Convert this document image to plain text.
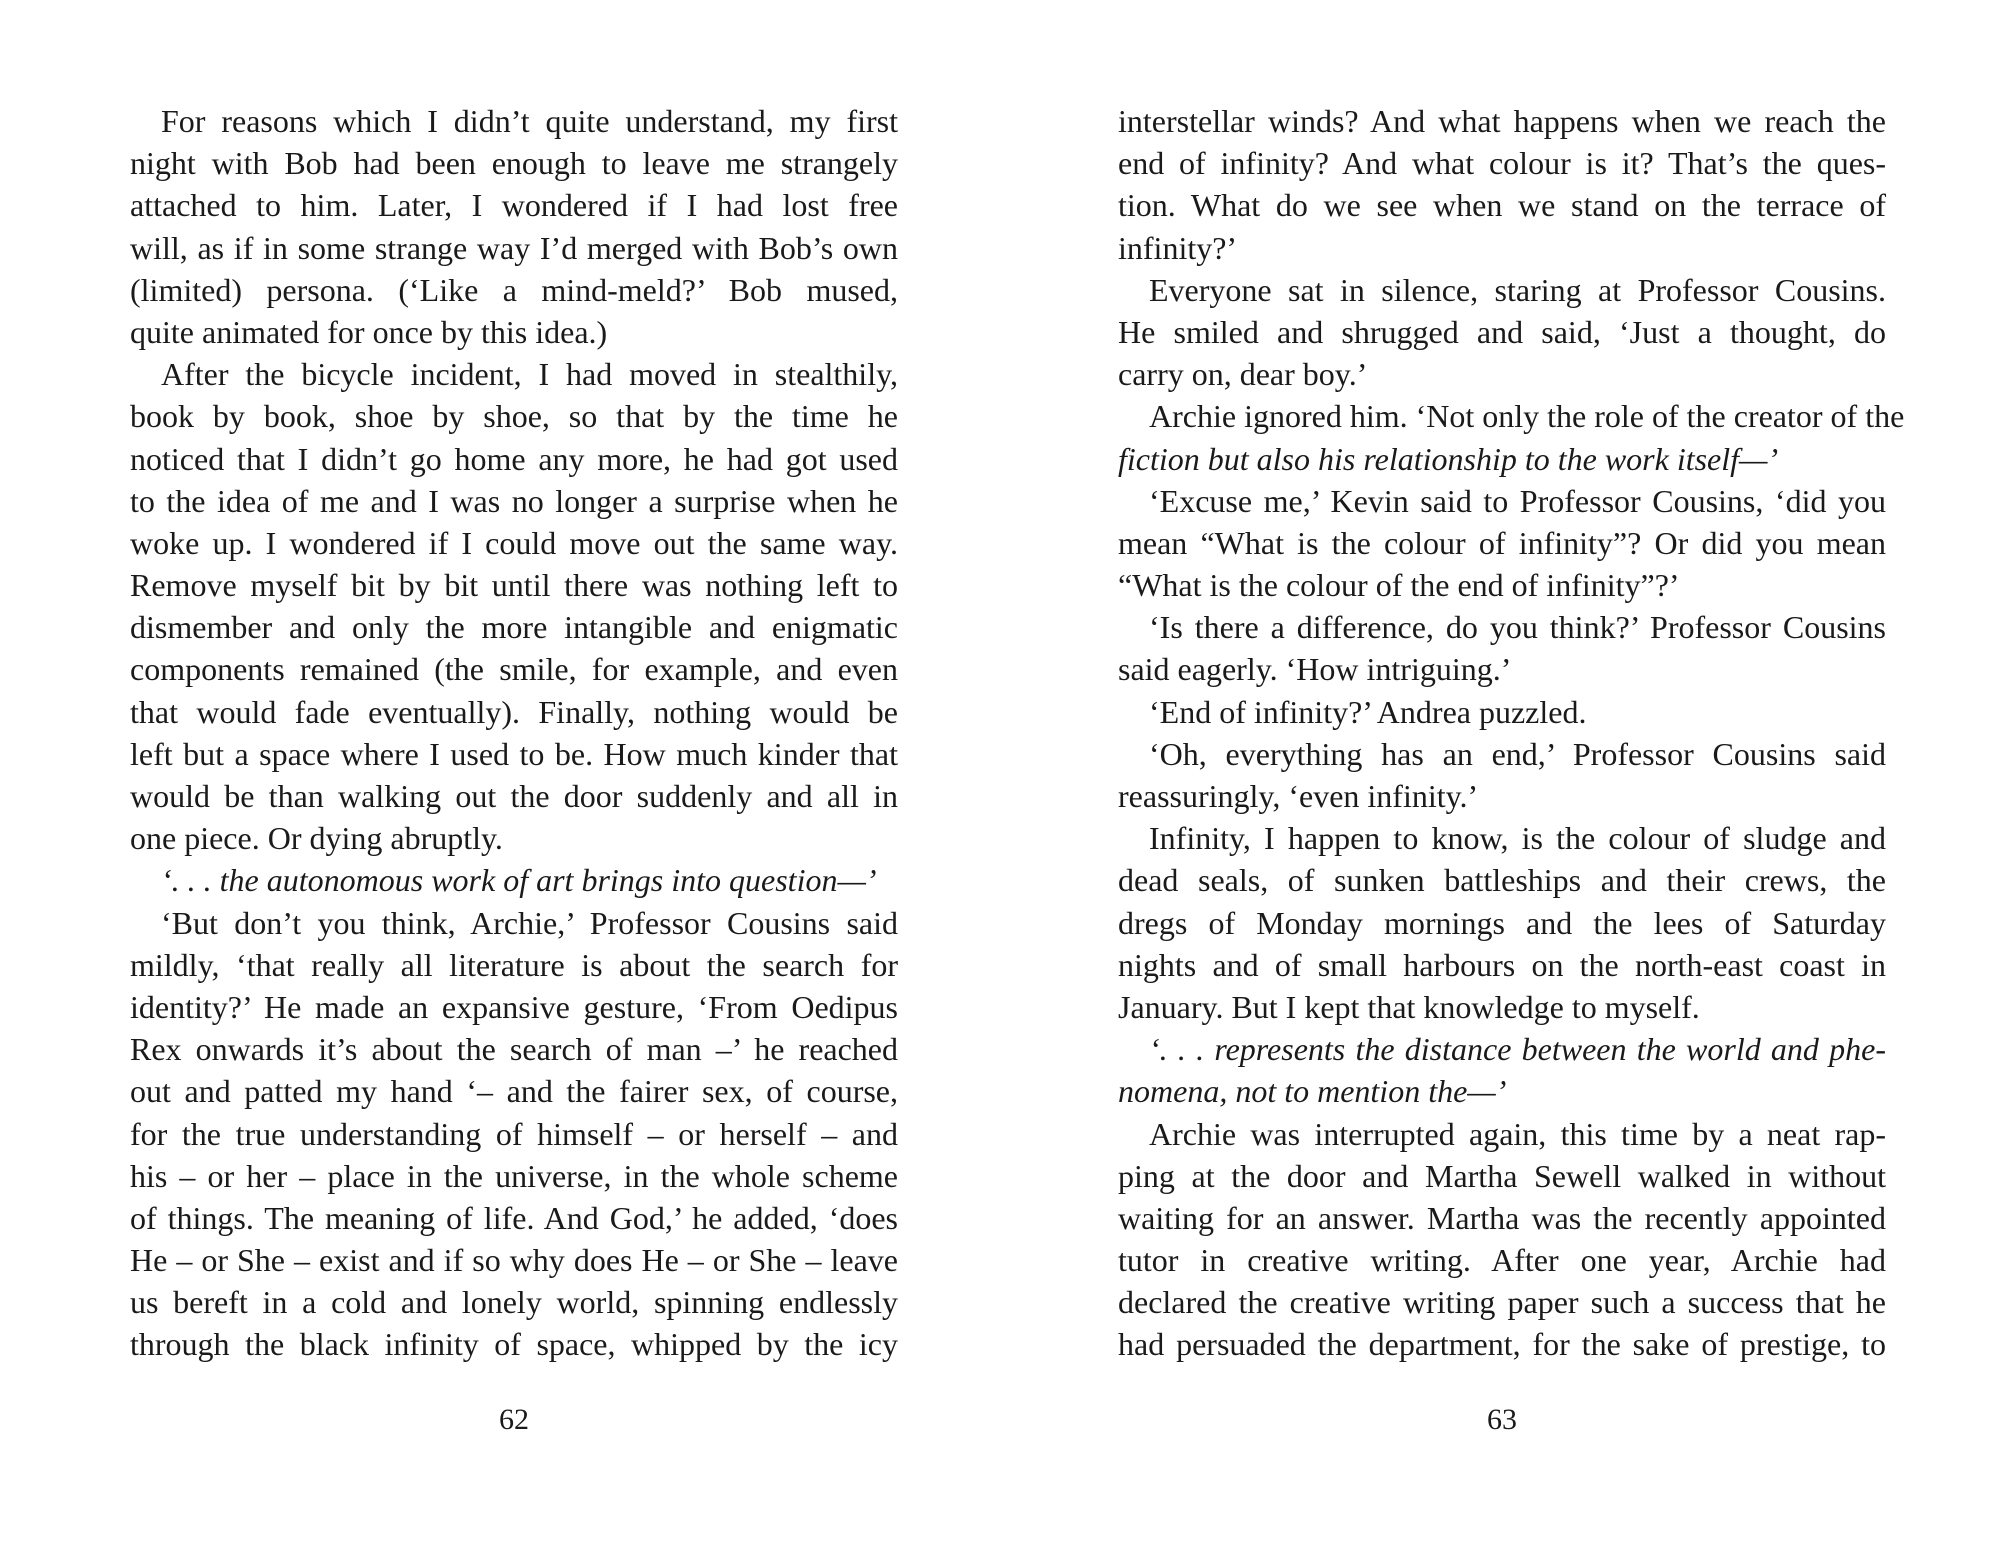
For reasons which I didn’t quite understand, my first
night with Bob had been enough to leave me strangely
attached to him. Later, I wondered if I had lost free
will, as if in some strange way I’d merged with Bob’s own
(limited) persona. (‘Like a mind-meld?’ Bob mused,
quite animated for once by this idea.)
After the bicycle incident, I had moved in stealthily,
book by book, shoe by shoe, so that by the time he
noticed that I didn’t go home any more, he had got used
to the idea of me and I was no longer a surprise when he
woke up. I wondered if I could move out the same way.
Remove myself bit by bit until there was nothing left to
dismember and only the more intangible and enigmatic
components remained (the smile, for example, and even
that would fade eventually). Finally, nothing would be
left but a space where I used to be. How much kinder that
would be than walking out the door suddenly and all in
one piece. Or dying abruptly.
‘. . . the autonomous work of art brings into question—’
‘But don’t you think, Archie,’ Professor Cousins said
mildly, ‘that really all literature is about the search for
identity?’ He made an expansive gesture, ‘From Oedipus
Rex onwards it’s about the search of man –’ he reached
out and patted my hand ‘– and the fairer sex, of course,
for the true understanding of himself – or herself – and
his – or her – place in the universe, in the whole scheme
of things. The meaning of life. And God,’ he added, ‘does
He – or She – exist and if so why does He – or She – leave
us bereft in a cold and lonely world, spinning endlessly
through the black infinity of space, whipped by the icy
interstellar winds? And what happens when we reach the
end of infinity? And what colour is it? That’s the ques-
tion. What do we see when we stand on the terrace of
infinity?’
Everyone sat in silence, staring at Professor Cousins.
He smiled and shrugged and said, ‘Just a thought, do
carry on, dear boy.’
Archie ignored him. ‘Not only the role of the creator of the
fiction but also his relationship to the work itself—’
‘Excuse me,’ Kevin said to Professor Cousins, ‘did you
mean “What is the colour of infinity”? Or did you mean
“What is the colour of the end of infinity”?’
‘Is there a difference, do you think?’ Professor Cousins
said eagerly. ‘How intriguing.’
‘End of infinity?’ Andrea puzzled.
‘Oh, everything has an end,’ Professor Cousins said
reassuringly, ‘even infinity.’
Infinity, I happen to know, is the colour of sludge and
dead seals, of sunken battleships and their crews, the
dregs of Monday mornings and the lees of Saturday
nights and of small harbours on the north-east coast in
January. But I kept that knowledge to myself.
‘. . . represents the distance between the world and phe-
nomena, not to mention the—’
Archie was interrupted again, this time by a neat rap-
ping at the door and Martha Sewell walked in without
waiting for an answer. Martha was the recently appointed
tutor in creative writing. After one year, Archie had
declared the creative writing paper such a success that he
had persuaded the department, for the sake of prestige, to
62	63
